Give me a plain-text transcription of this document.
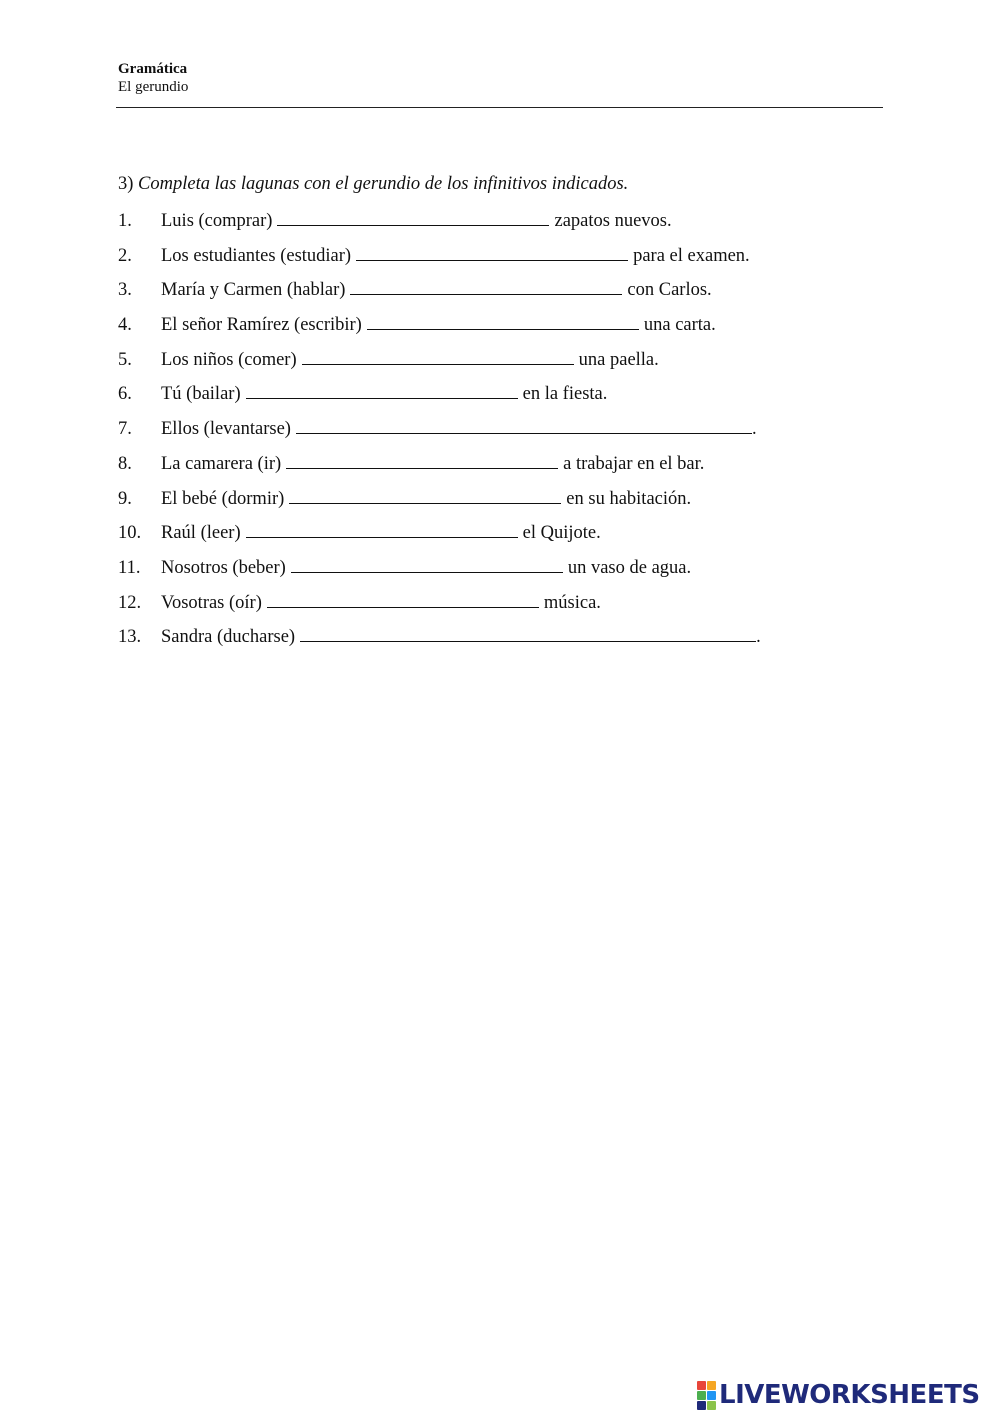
Gramática
El gerundio
3) Completa las lagunas con el gerundio de los infinitivos indicados.
1.	Luis (comprar)	zapatos nuevos.
2.	Los estudiantes (estudiar)	para el examen.
3.	María y Carmen (hablar)	con Carlos.
4.	El señor Ramírez (escribir)	una carta.
5.	Los niños (comer)	una paella.
6.	Tú (bailar)	en la fiesta.
7.	Ellos (levantarse)	.
8.	La camarera (ir)	a trabajar en el bar.
9.	El bebé (dormir)	en su habitación.
10.	Raúl (leer)	el Quijote.
11.	Nosotros (beber)	un vaso de agua.
12.	Vosotras (oír)	música.
13.	Sandra (ducharse)	.
LIVEWORKSHEETS
